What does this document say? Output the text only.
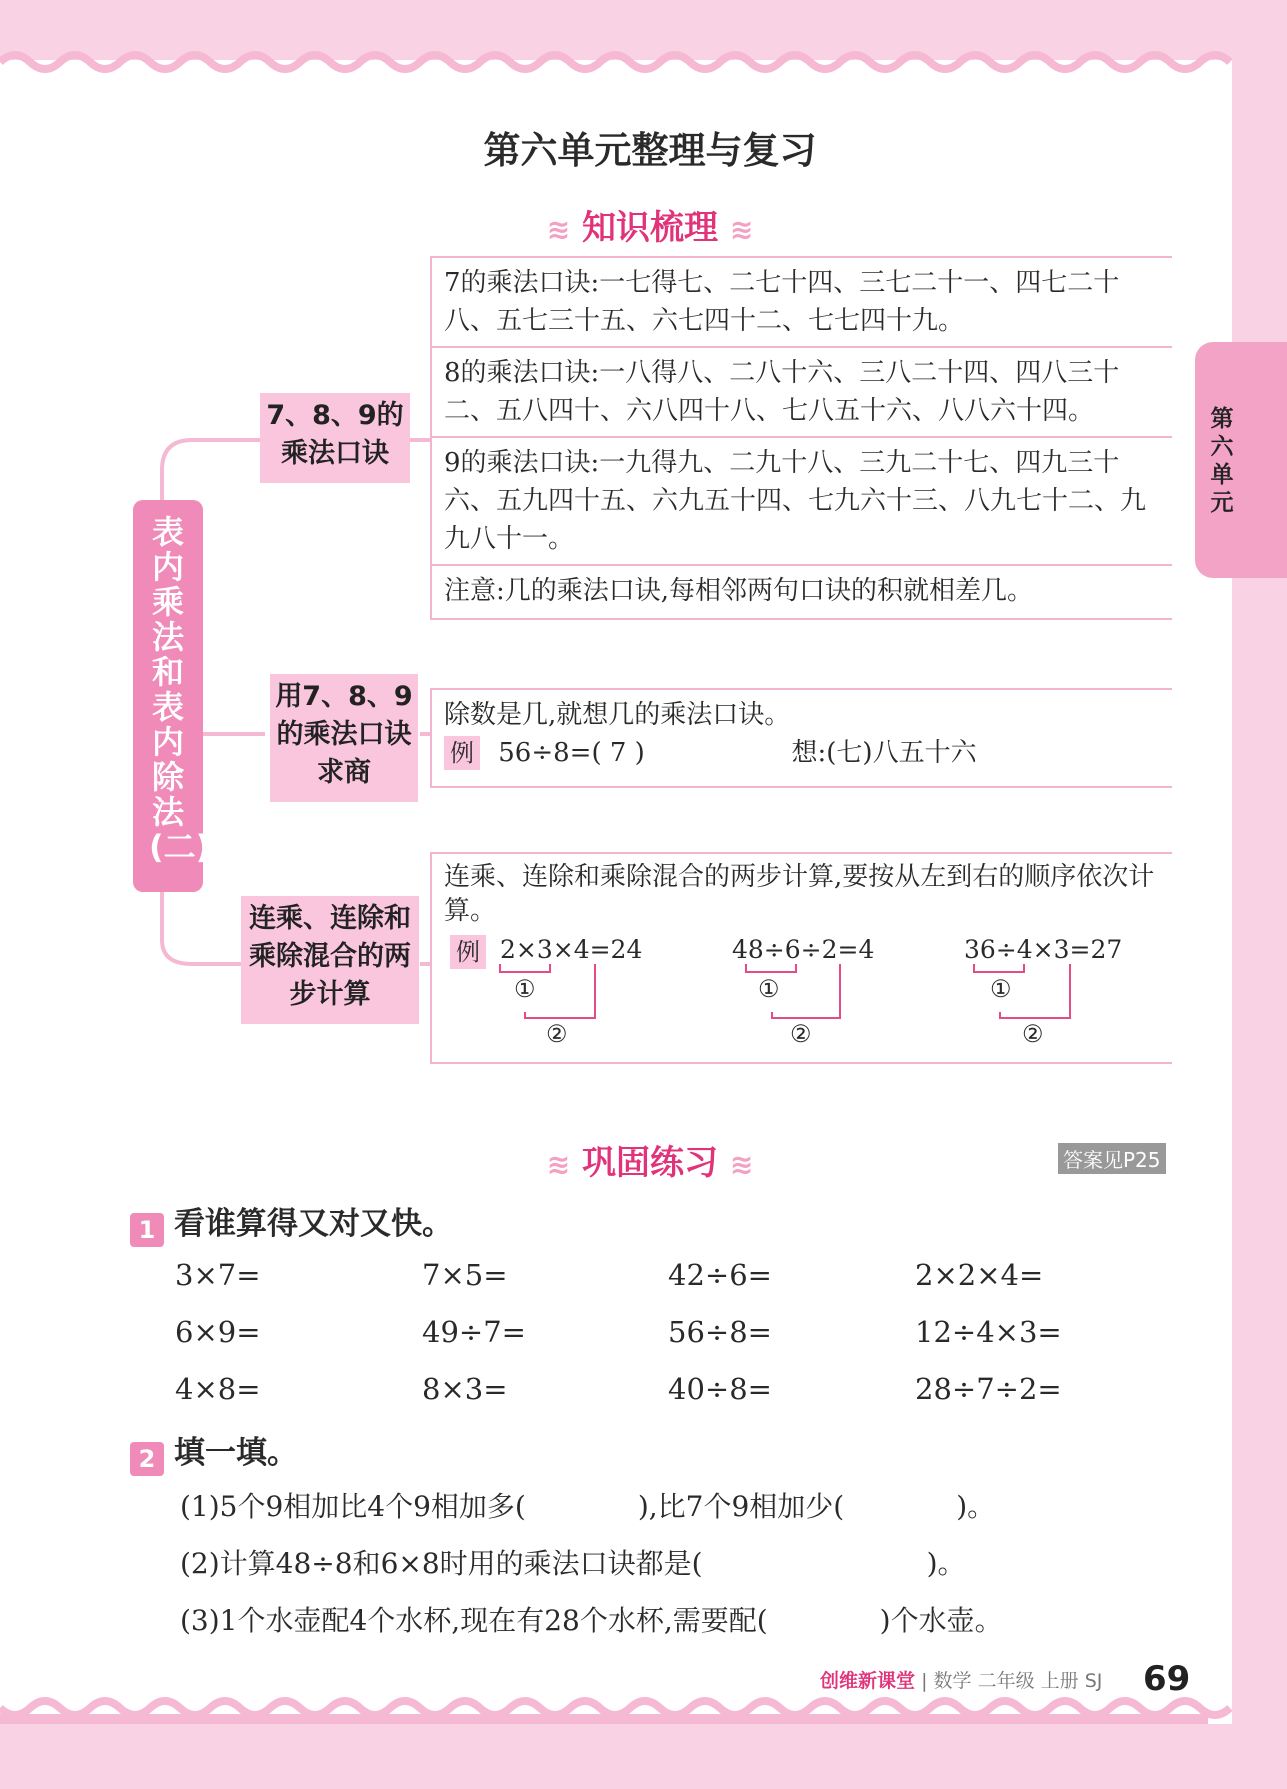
第六单元整理与复习
≋ 知识梳理 ≋
第六单元
表内乘法和表内除法(二)
7、8、9的乘法口诀
7的乘法口诀:一七得七、二七十四、三七二十一、四七二十八、五七三十五、六七四十二、七七四十九。
8的乘法口诀:一八得八、二八十六、三八二十四、四八三十二、五八四十、六八四十八、七八五十六、八八六十四。
9的乘法口诀:一九得九、二九十八、三九二十七、四九三十六、五九四十五、六九五十四、七九六十三、八九七十二、九九八十一。
注意:几的乘法口诀,每相邻两句口诀的积就相差几。
用7、8、9的乘法口诀求商
除数是几,就想几的乘法口诀。
例 56÷8=( 7 )	想:(七)八五十六
连乘、连除和乘除混合的两步计算
连乘、连除和乘除混合的两步计算,要按从左到右的顺序依次计算。
例 2×3×4=24	48÷6÷2=4	36÷4×3=27
①
②
①
②
①
②
≋ 巩固练习 ≋	答案见P25
1 看谁算得又对又快。
3×7=	7×5=	42÷6=	2×2×4=
6×9=	49÷7=	56÷8=	12÷4×3=
4×8=	8×3=	40÷8=	28÷7÷2=
2 填一填。
(1)5个9相加比4个9相加多(　　　　),比7个9相加少(　　　　)。
(2)计算48÷8和6×8时用的乘法口诀都是(　　　　　　　　)。
(3)1个水壶配4个水杯,现在有28个水杯,需要配(　　　　)个水壶。
创维新课堂 | 数学 二年级 上册 SJ 69
